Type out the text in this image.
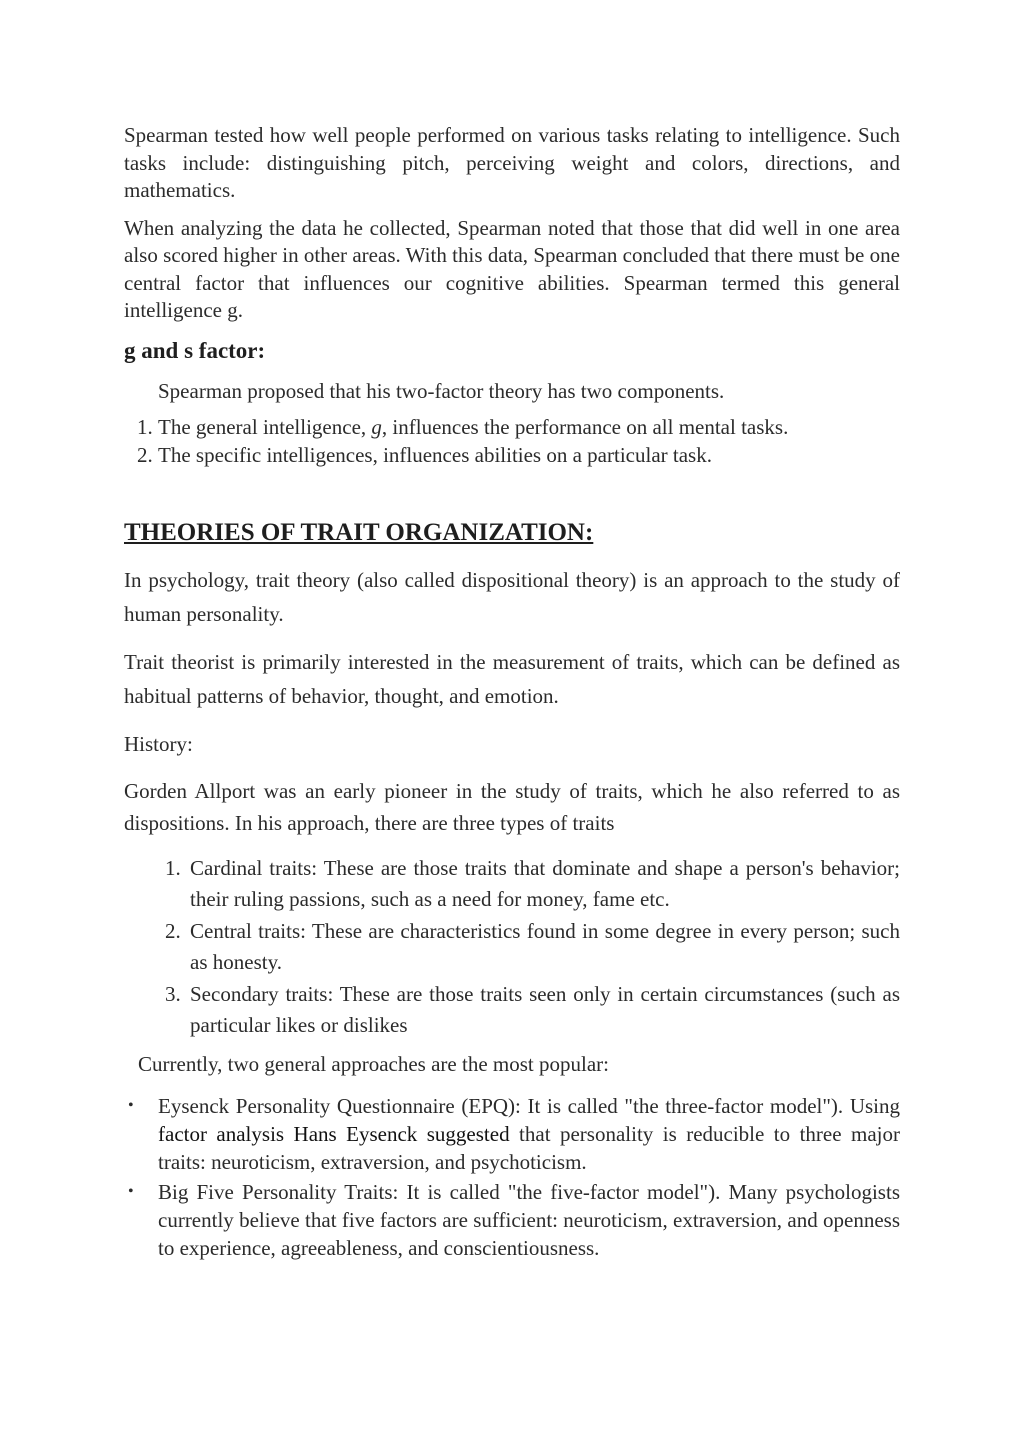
Spearman tested how well people performed on various tasks relating to intelligence. Such tasks include: distinguishing pitch, perceiving weight and colors, directions, and mathematics.

When analyzing the data he collected, Spearman noted that those that did well in one area also scored higher in other areas. With this data, Spearman concluded that there must be one central factor that influences our cognitive abilities. Spearman termed this general intelligence g.

g and s factor:
Spearman proposed that his two-factor theory has two components.
1. The general intelligence, g, influences the performance on all mental tasks.
2. The specific intelligences, influences abilities on a particular task.
THEORIES OF TRAIT ORGANIZATION:

In psychology, trait theory (also called dispositional theory) is an approach to the study of human personality.

Trait theorist is primarily interested in the measurement of traits, which can be defined as habitual patterns of behavior, thought, and emotion.

History:

Gorden Allport was an early pioneer in the study of traits, which he also referred to as dispositions. In his approach, there are three types of traits

1. Cardinal traits: These are those traits that dominate and shape a person's behavior; their ruling passions, such as a need for money, fame etc.
2. Central traits: These are characteristics found in some degree in every person; such as honesty.
3. Secondary traits: These are those traits seen only in certain circumstances (such as particular likes or dislikes
Currently, two general approaches are the most popular:
• Eysenck Personality Questionnaire (EPQ): It is called "the three-factor model"). Using factor analysis Hans Eysenck suggested that personality is reducible to three major traits: neuroticism, extraversion, and psychoticism.
• Big Five Personality Traits: It is called "the five-factor model"). Many psychologists currently believe that five factors are sufficient: neuroticism, extraversion, and openness to experience, agreeableness, and conscientiousness.
